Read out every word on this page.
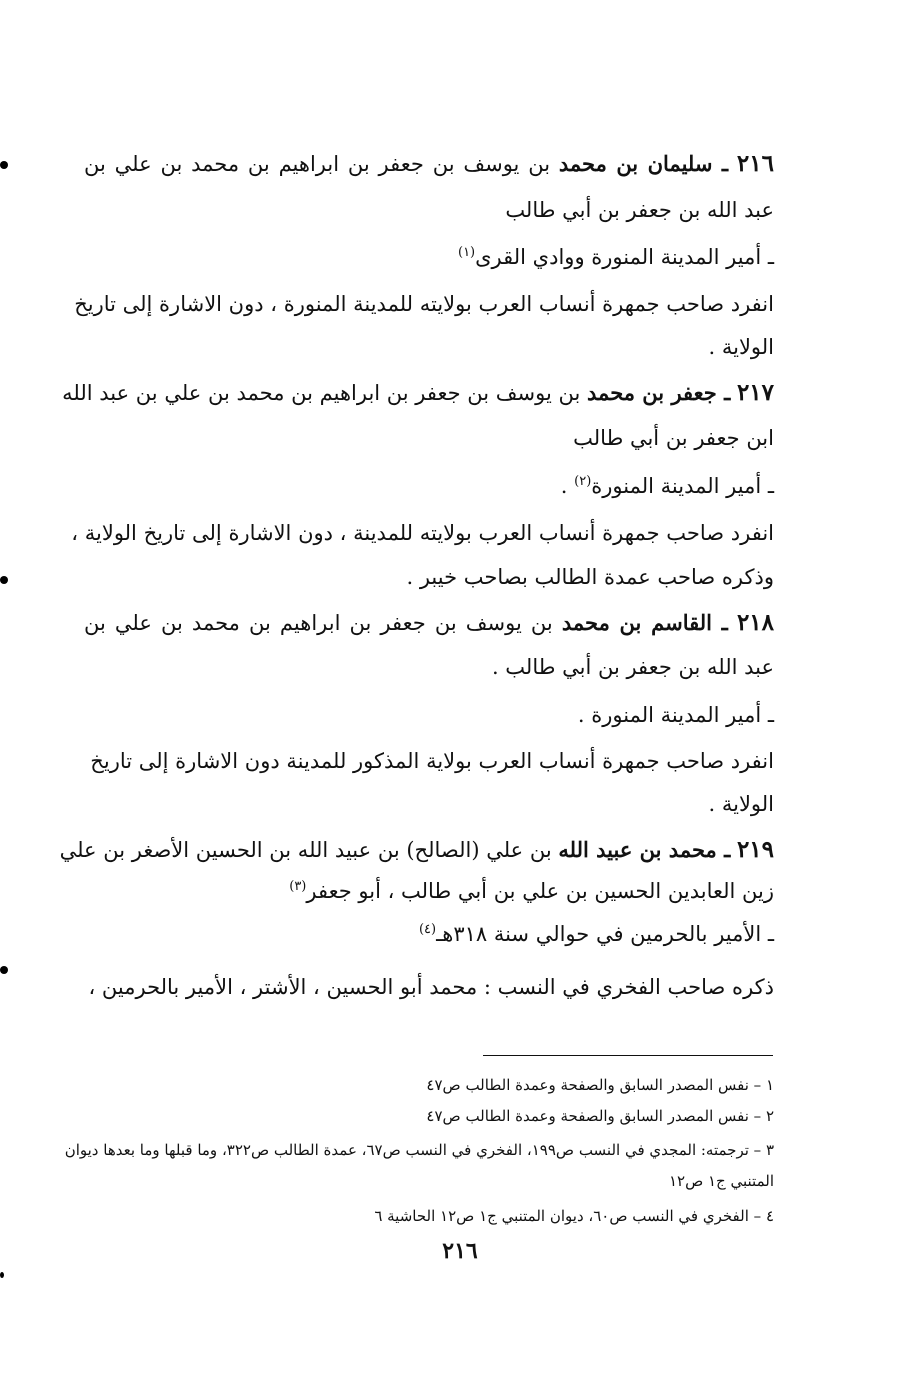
٢١٦ ـ سليمان بن محمد بن يوسف بن جعفر بن ابراهيم بن محمد بن علي بن
عبد الله بن جعفر بن أبي طالب
ـ أمير المدينة المنورة ووادي القرى$^{(١)}$
انفرد صاحب جمهرة أنساب العرب بولايته للمدينة المنورة ، دون الاشارة إلى تاريخ
الولاية .
٢١٧ ـ جعفر بن محمد بن يوسف بن جعفر بن ابراهيم بن محمد بن علي بن عبد الله
ابن جعفر بن أبي طالب
ـ أمير المدينة المنورة$^{(٢)}$ .
انفرد صاحب جمهرة أنساب العرب بولايته للمدينة ، دون الاشارة إلى تاريخ الولاية ،
وذكره صاحب عمدة الطالب بصاحب خيبر .
٢١٨ ـ القاسم بن محمد بن يوسف بن جعفر بن ابراهيم بن محمد بن علي بن
عبد الله بن جعفر بن أبي طالب .
ـ أمير المدينة المنورة .
انفرد صاحب جمهرة أنساب العرب بولاية المذكور للمدينة دون الاشارة إلى تاريخ
الولاية .
٢١٩ ـ محمد بن عبيد الله بن علي (الصالح) بن عبيد الله بن الحسين الأصغر بن علي
زين العابدين الحسين بن علي بن أبي طالب ، أبو جعفر$^{(٣)}$
ـ الأمير بالحرمين في حوالي سنة ٣١٨هـ$^{(٤)}$
ذكره صاحب الفخري في النسب : محمد أبو الحسين ، الأشتر ، الأمير بالحرمين ،
١ – نفس المصدر السابق والصفحة وعمدة الطالب ص٤٧
٢ – نفس المصدر السابق والصفحة وعمدة الطالب ص٤٧
٣ – ترجمته: المجدي في النسب ص١٩٩، الفخري في النسب ص٦٧، عمدة الطالب ص٣٢٢، وما قبلها وما بعدها ديوان
المتنبي ج١ ص١٢
٤ – الفخري في النسب ص٦٠، ديوان المتنبي ج١ ص١٢ الحاشية ٦
٢١٦
